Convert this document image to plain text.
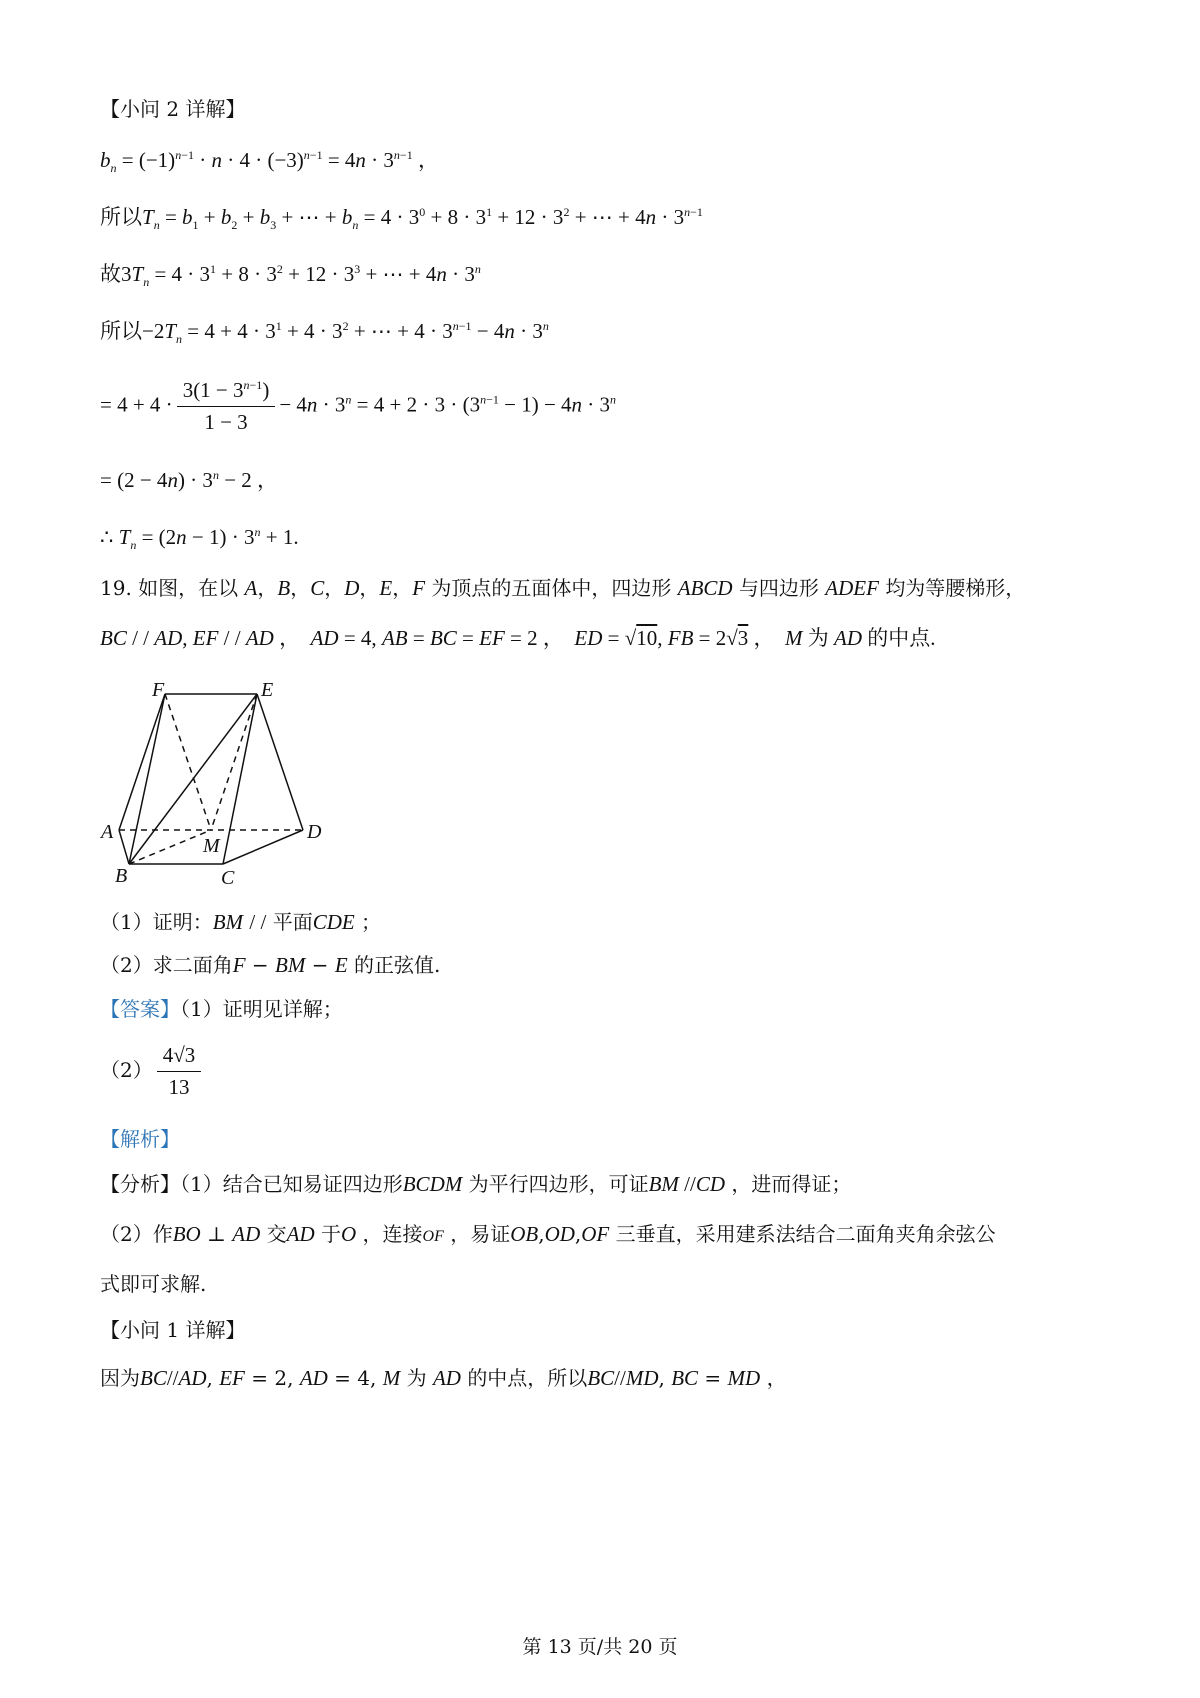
【小问 2 详解】
$b_n = (-1)^{n-1} \cdot n \cdot 4 \cdot (-3)^{n-1} = 4n \cdot 3^{n-1}$ ，
所以$T_n = b_1 + b_2 + b_3$ + ⋯ + $b_n = 4 \cdot 3^0 + 8 \cdot 3^1 + 12 \cdot 3^2$ + ⋯ + $4n \cdot 3^{n-1}$
故$3T_n = 4 \cdot 3^1 + 8 \cdot 3^2 + 12 \cdot 3^3$ + ⋯ + $4n \cdot 3^n$
所以$-2T_n = 4 + 4 \cdot 3^1 + 4 \cdot 3^2$ + ⋯ + $4 \cdot 3^{n-1} - 4n \cdot 3^n$
= $4 + 4 \cdot \frac{3(1 - 3^{n-1})}{1 - 3} - 4n \cdot 3^n = 4 + 2 \cdot 3 \cdot (3^{n-1} - 1) - 4n \cdot 3^n$
= $(2 - 4n) \cdot 3^n - 2$ ，
∴ $T_n = (2n - 1) \cdot 3^n + 1$.
19. 如图，在以 A，B，C，D，E，F 为顶点的五面体中，四边形 ABCD 与四边形 ADEF 均为等腰梯形，
BC / / AD, EF / / AD ，  AD = 4, AB = BC = EF = 2 ，  ED = √10, FB = 2√3 ，  M 为 AD 的中点.
F	E
A	D
M
B	C
（1）证明：BM / / 平面CDE ；
（2）求二面角F − BM − E 的正弦值.
【答案】（1）证明见详解；
$(2) \frac{4√3}{13}$
【解析】
【分析】（1）结合已知易证四边形BCDM 为平行四边形，可证BM //CD ，进而得证；
（2）作BO ⊥ AD 交AD 于O ，连接OF ，易证OB,OD,OF 三垂直，采用建系法结合二面角夹角余弦公
式即可求解.
【小问 1 详解】
因为BC//AD, EF = 2, AD = 4, M 为 AD 的中点，所以BC//MD, BC = MD ，
第 13 页/共 20 页
